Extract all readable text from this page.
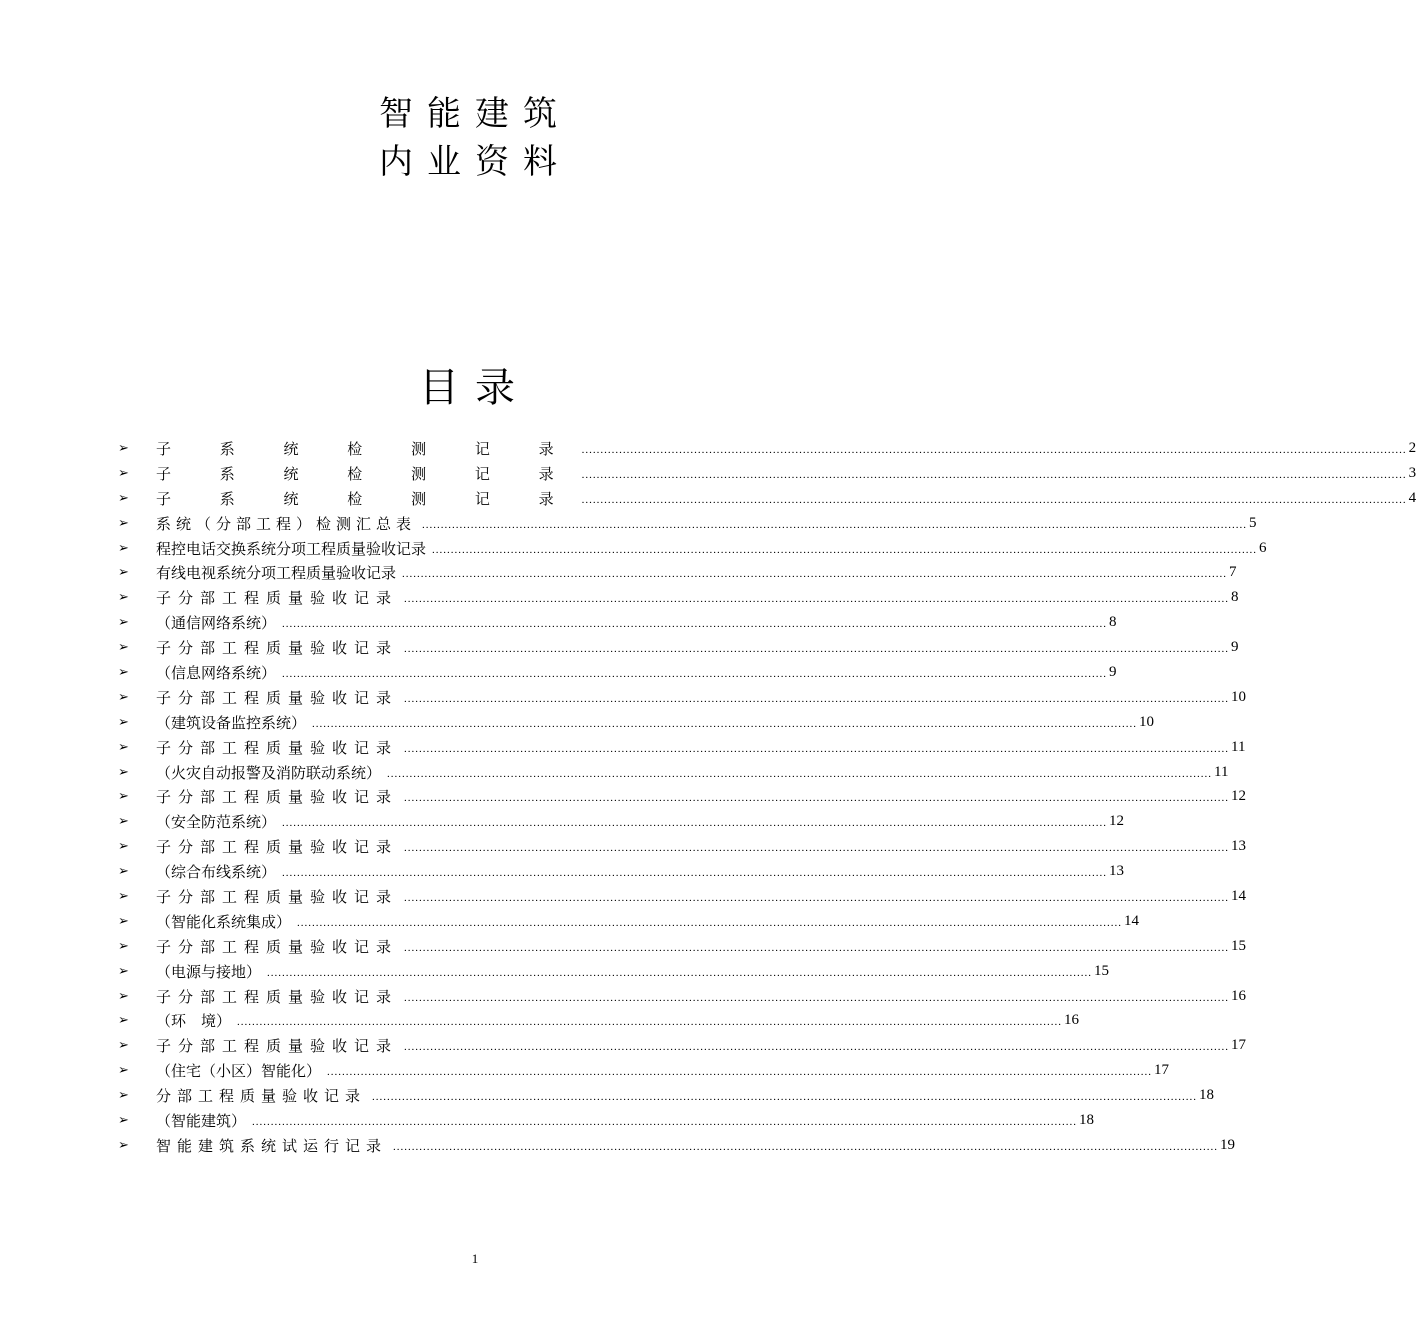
智能建筑
内业资料
目录
➢	子 系 统 检 测 记 录 ............................................................................................................................................................................................................................ 2
➢	子 系 统 检 测 记 录 ............................................................................................................................................................................................................................ 3
➢	子 系 统 检 测 记 录 ............................................................................................................................................................................................................................ 4
➢	系统（分部工程）检测汇总表 ............................................................................................................................................................................................................................ 5
➢	程控电话交换系统分项工程质量验收记录 ............................................................................................................................................................................................................................ 6
➢	有线电视系统分项工程质量验收记录 ............................................................................................................................................................................................................................ 7
➢	子分部工程质量验收记录 ............................................................................................................................................................................................................................ 8
➢	（通信网络系统） ............................................................................................................................................................................................................................ 8
➢	子分部工程质量验收记录 ............................................................................................................................................................................................................................ 9
➢	（信息网络系统） ............................................................................................................................................................................................................................ 9
➢	子分部工程质量验收记录 ............................................................................................................................................................................................................................ 10
➢	（建筑设备监控系统） ............................................................................................................................................................................................................................ 10
➢	子分部工程质量验收记录 ............................................................................................................................................................................................................................ 11
➢	（火灾自动报警及消防联动系统） ............................................................................................................................................................................................................................ 11
➢	子分部工程质量验收记录 ............................................................................................................................................................................................................................ 12
➢	（安全防范系统） ............................................................................................................................................................................................................................ 12
➢	子分部工程质量验收记录 ............................................................................................................................................................................................................................ 13
➢	（综合布线系统） ............................................................................................................................................................................................................................ 13
➢	子分部工程质量验收记录 ............................................................................................................................................................................................................................ 14
➢	（智能化系统集成） ............................................................................................................................................................................................................................ 14
➢	子分部工程质量验收记录 ............................................................................................................................................................................................................................ 15
➢	（电源与接地） ............................................................................................................................................................................................................................ 15
➢	子分部工程质量验收记录 ............................................................................................................................................................................................................................ 16
➢	（环　境） ............................................................................................................................................................................................................................ 16
➢	子分部工程质量验收记录 ............................................................................................................................................................................................................................ 17
➢	（住宅（小区）智能化） ............................................................................................................................................................................................................................ 17
➢	分部工程质量验收记录 ............................................................................................................................................................................................................................ 18
➢	（智能建筑） ............................................................................................................................................................................................................................ 18
➢	智能建筑系统试运行记录 ............................................................................................................................................................................................................................ 19
1
